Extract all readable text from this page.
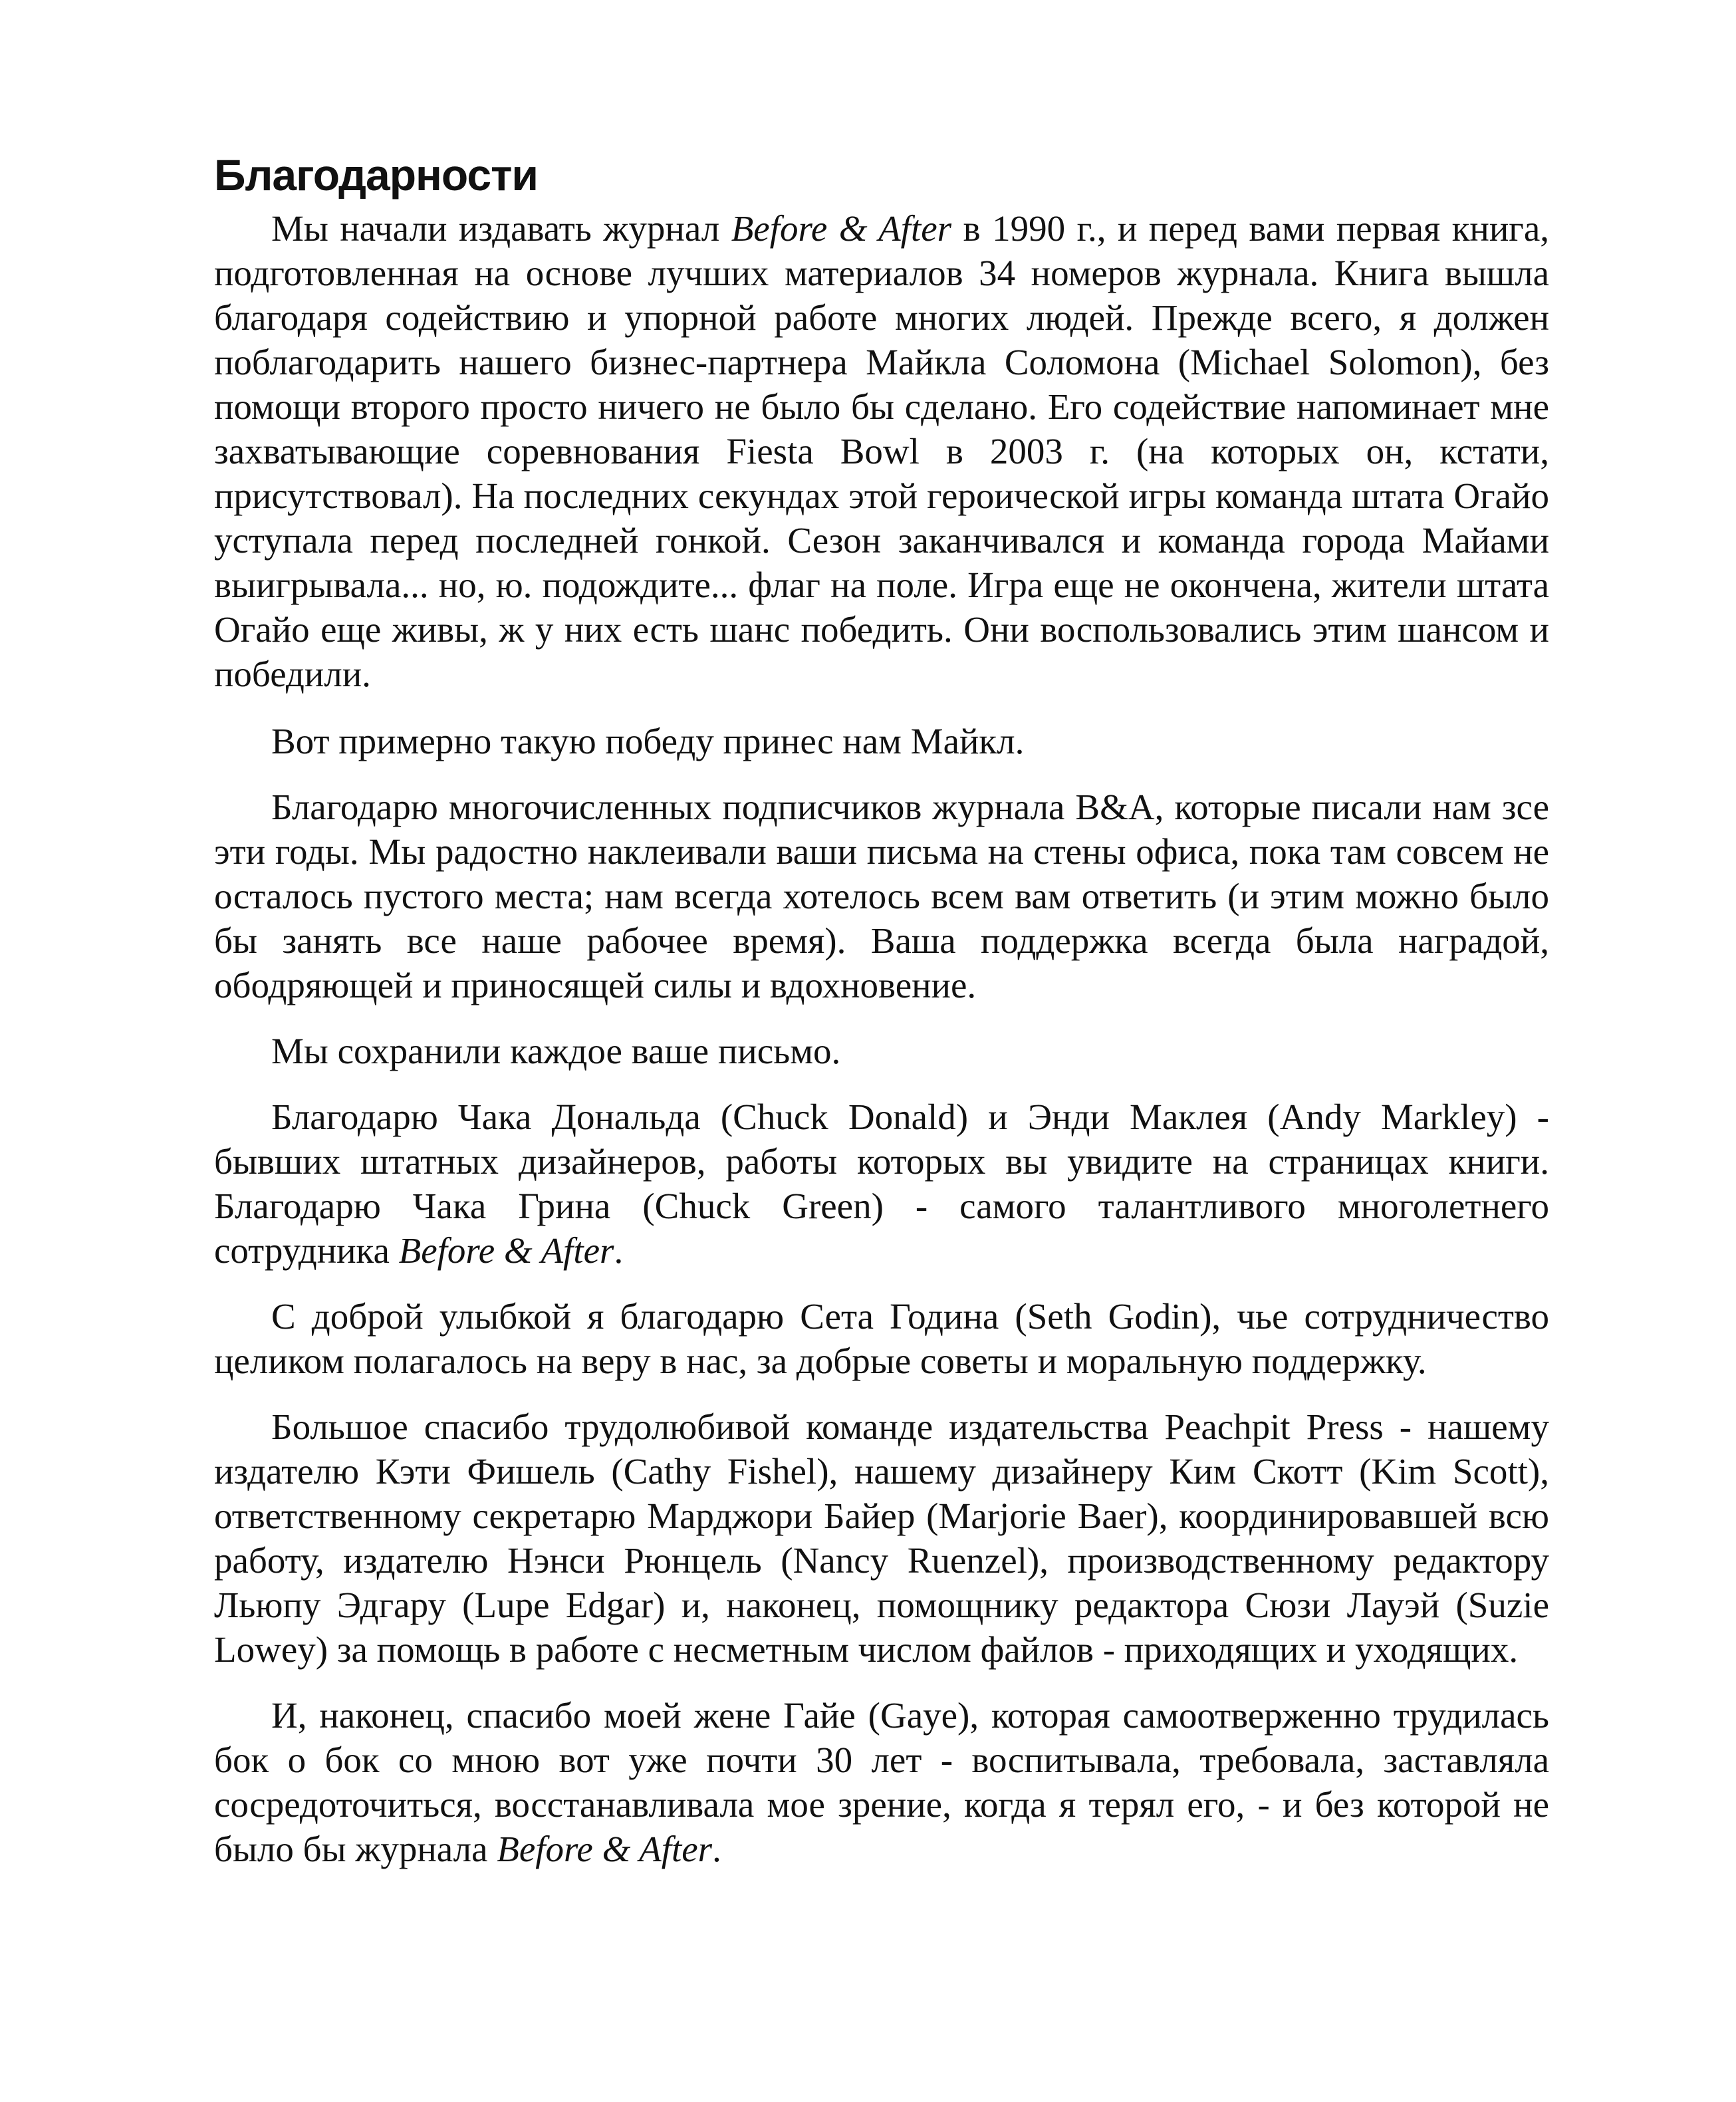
Благодарности

Мы начали издавать журнал Before & After в 1990 г., и перед вами первая книга, подготовленная на основе лучших материалов 34 номеров журнала. Книга вышла благодаря содействию и упорной работе многих людей. Прежде всего, я должен поблагодарить нашего бизнес-партнера Майкла Соломона (Michael Solomon), без помощи второго просто ничего не было бы сделано. Его содействие напоминает мне захватывающие соревнования Fiesta Bowl в 2003 г. (на которых он, кстати, присутствовал). На последних секундах этой героической игры команда штата Огайо уступала перед последней гонкой. Сезон заканчивался и команда города Майами выигрывала... но, ю. подождите... флаг на поле. Игра еще не окончена, жители штата Огайо еще живы, ж у них есть шанс победить. Они воспользовались этим шансом и победили.

Вот примерно такую победу принес нам Майкл.

Благодарю многочисленных подписчиков журнала B&A, которые писали нам зсе эти годы. Мы радостно наклеивали ваши письма на стены офиса, пока там совсем не осталось пустого места; нам всегда хотелось всем вам ответить (и этим можно было бы занять все наше рабочее время). Ваша поддержка всегда была наградой, ободряющей и приносящей силы и вдохновение.

Мы сохранили каждое ваше письмо.

Благодарю Чака Дональда (Chuck Donald) и Энди Маклея (Andy Markley) - бывших штатных дизайнеров, работы которых вы увидите на страницах книги. Благодарю Чака Грина (Chuck Green) - самого талантливого многолетнего сотрудника Before & After.

С доброй улыбкой я благодарю Сета Година (Seth Godin), чье сотрудничество целиком полагалось на веру в нас, за добрые советы и моральную поддержку.

Большое спасибо трудолюбивой команде издательства Peachpit Press - нашему издателю Кэти Фишель (Cathy Fishel), нашему дизайнеру Ким Скотт (Kim Scott), ответственному секретарю Марджори Байер (Marjorie Baer), координировавшей всю работу, издателю Нэнси Рюнцель (Nancy Ruenzel), производственному редактору Льюпу Эдгару (Lupe Edgar) и, наконец, помощнику редактора Сюзи Лауэй (Suzie Lowey) за помощь в работе с несметным числом файлов - приходящих и уходящих.

И, наконец, спасибо моей жене Гайе (Gaye), которая самоотверженно трудилась бок о бок со мною вот уже почти 30 лет - воспитывала, требовала, заставляла сосредоточиться, восстанавливала мое зрение, когда я терял его, - и без которой не было бы журнала Before & After.
